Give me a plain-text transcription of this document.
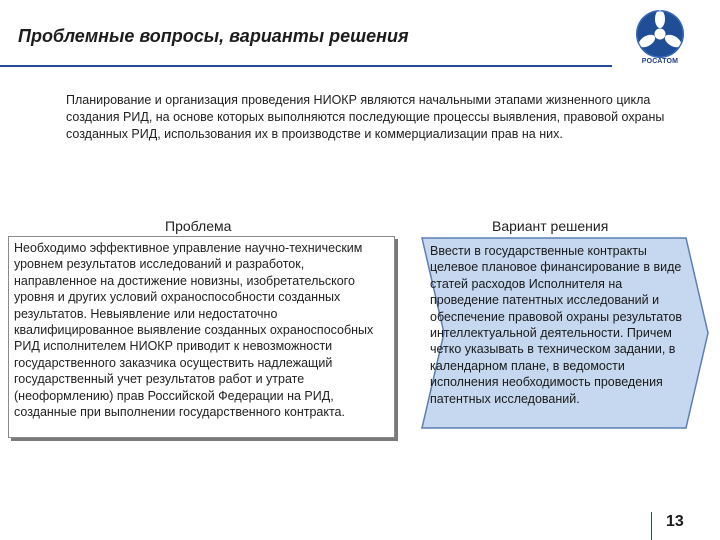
Проблемные вопросы, варианты решения
РОСАТОМ
Планирование и организация проведения НИОКР являются начальными этапами жизненного цикла создания РИД, на основе которых выполняются последующие процессы выявления, правовой охраны созданных РИД, использования их в производстве и коммерциализации прав на них.
Проблема	Вариант решения
Необходимо эффективное управление научно-техническим уровнем результатов исследований и разработок, направленное на достижение новизны, изобретательского уровня и других условий охраноспособности созданных результатов. Невыявление или недостаточно квалифицированное выявление созданных охраноспособных РИД исполнителем НИОКР приводит к невозможности государственного заказчика осуществить надлежащий государственный учет результатов работ и утрате (неоформлению) прав Российской Федерации на РИД, созданные при выполнении государственного контракта.
Ввести в государственные контракты целевое плановое финансирование в виде статей расходов Исполнителя на проведение патентных исследований и обеспечение правовой охраны результатов интеллектуальной деятельности. Причем четко указывать в техническом задании, в календарном плане, в ведомости исполнения необходимость проведения патентных исследований.
13
